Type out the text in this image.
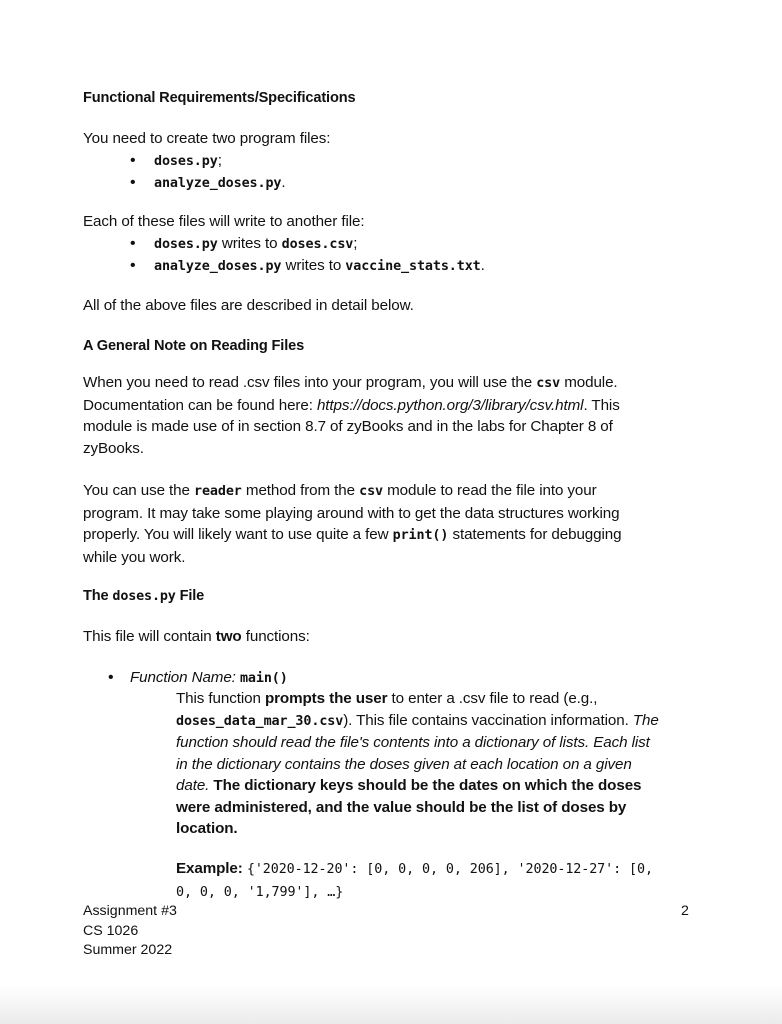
Functional Requirements/Specifications
You need to create two program files:
• doses.py;
• analyze_doses.py.
Each of these files will write to another file:
• doses.py writes to doses.csv;
• analyze_doses.py writes to vaccine_stats.txt.
All of the above files are described in detail below.
A General Note on Reading Files
When you need to read .csv files into your program, you will use the csv module.
Documentation can be found here: https://docs.python.org/3/library/csv.html. This
module is made use of in section 8.7 of zyBooks and in the labs for Chapter 8 of
zyBooks.
You can use the reader method from the csv module to read the file into your
program. It may take some playing around with to get the data structures working
properly. You will likely want to use quite a few print() statements for debugging
while you work.
The doses.py File
This file will contain two functions:
• Function Name: main()
This function prompts the user to enter a .csv file to read (e.g.,
doses_data_mar_30.csv). This file contains vaccination information. The
function should read the file's contents into a dictionary of lists. Each list
in the dictionary contains the doses given at each location on a given
date. The dictionary keys should be the dates on which the doses
were administered, and the value should be the list of doses by
location.
Example: {'2020-12-20': [0, 0, 0, 0, 206], '2020-12-27': [0,
0, 0, 0, '1,799'], …}
Assignment #3
CS 1026
Summer 2022
2
